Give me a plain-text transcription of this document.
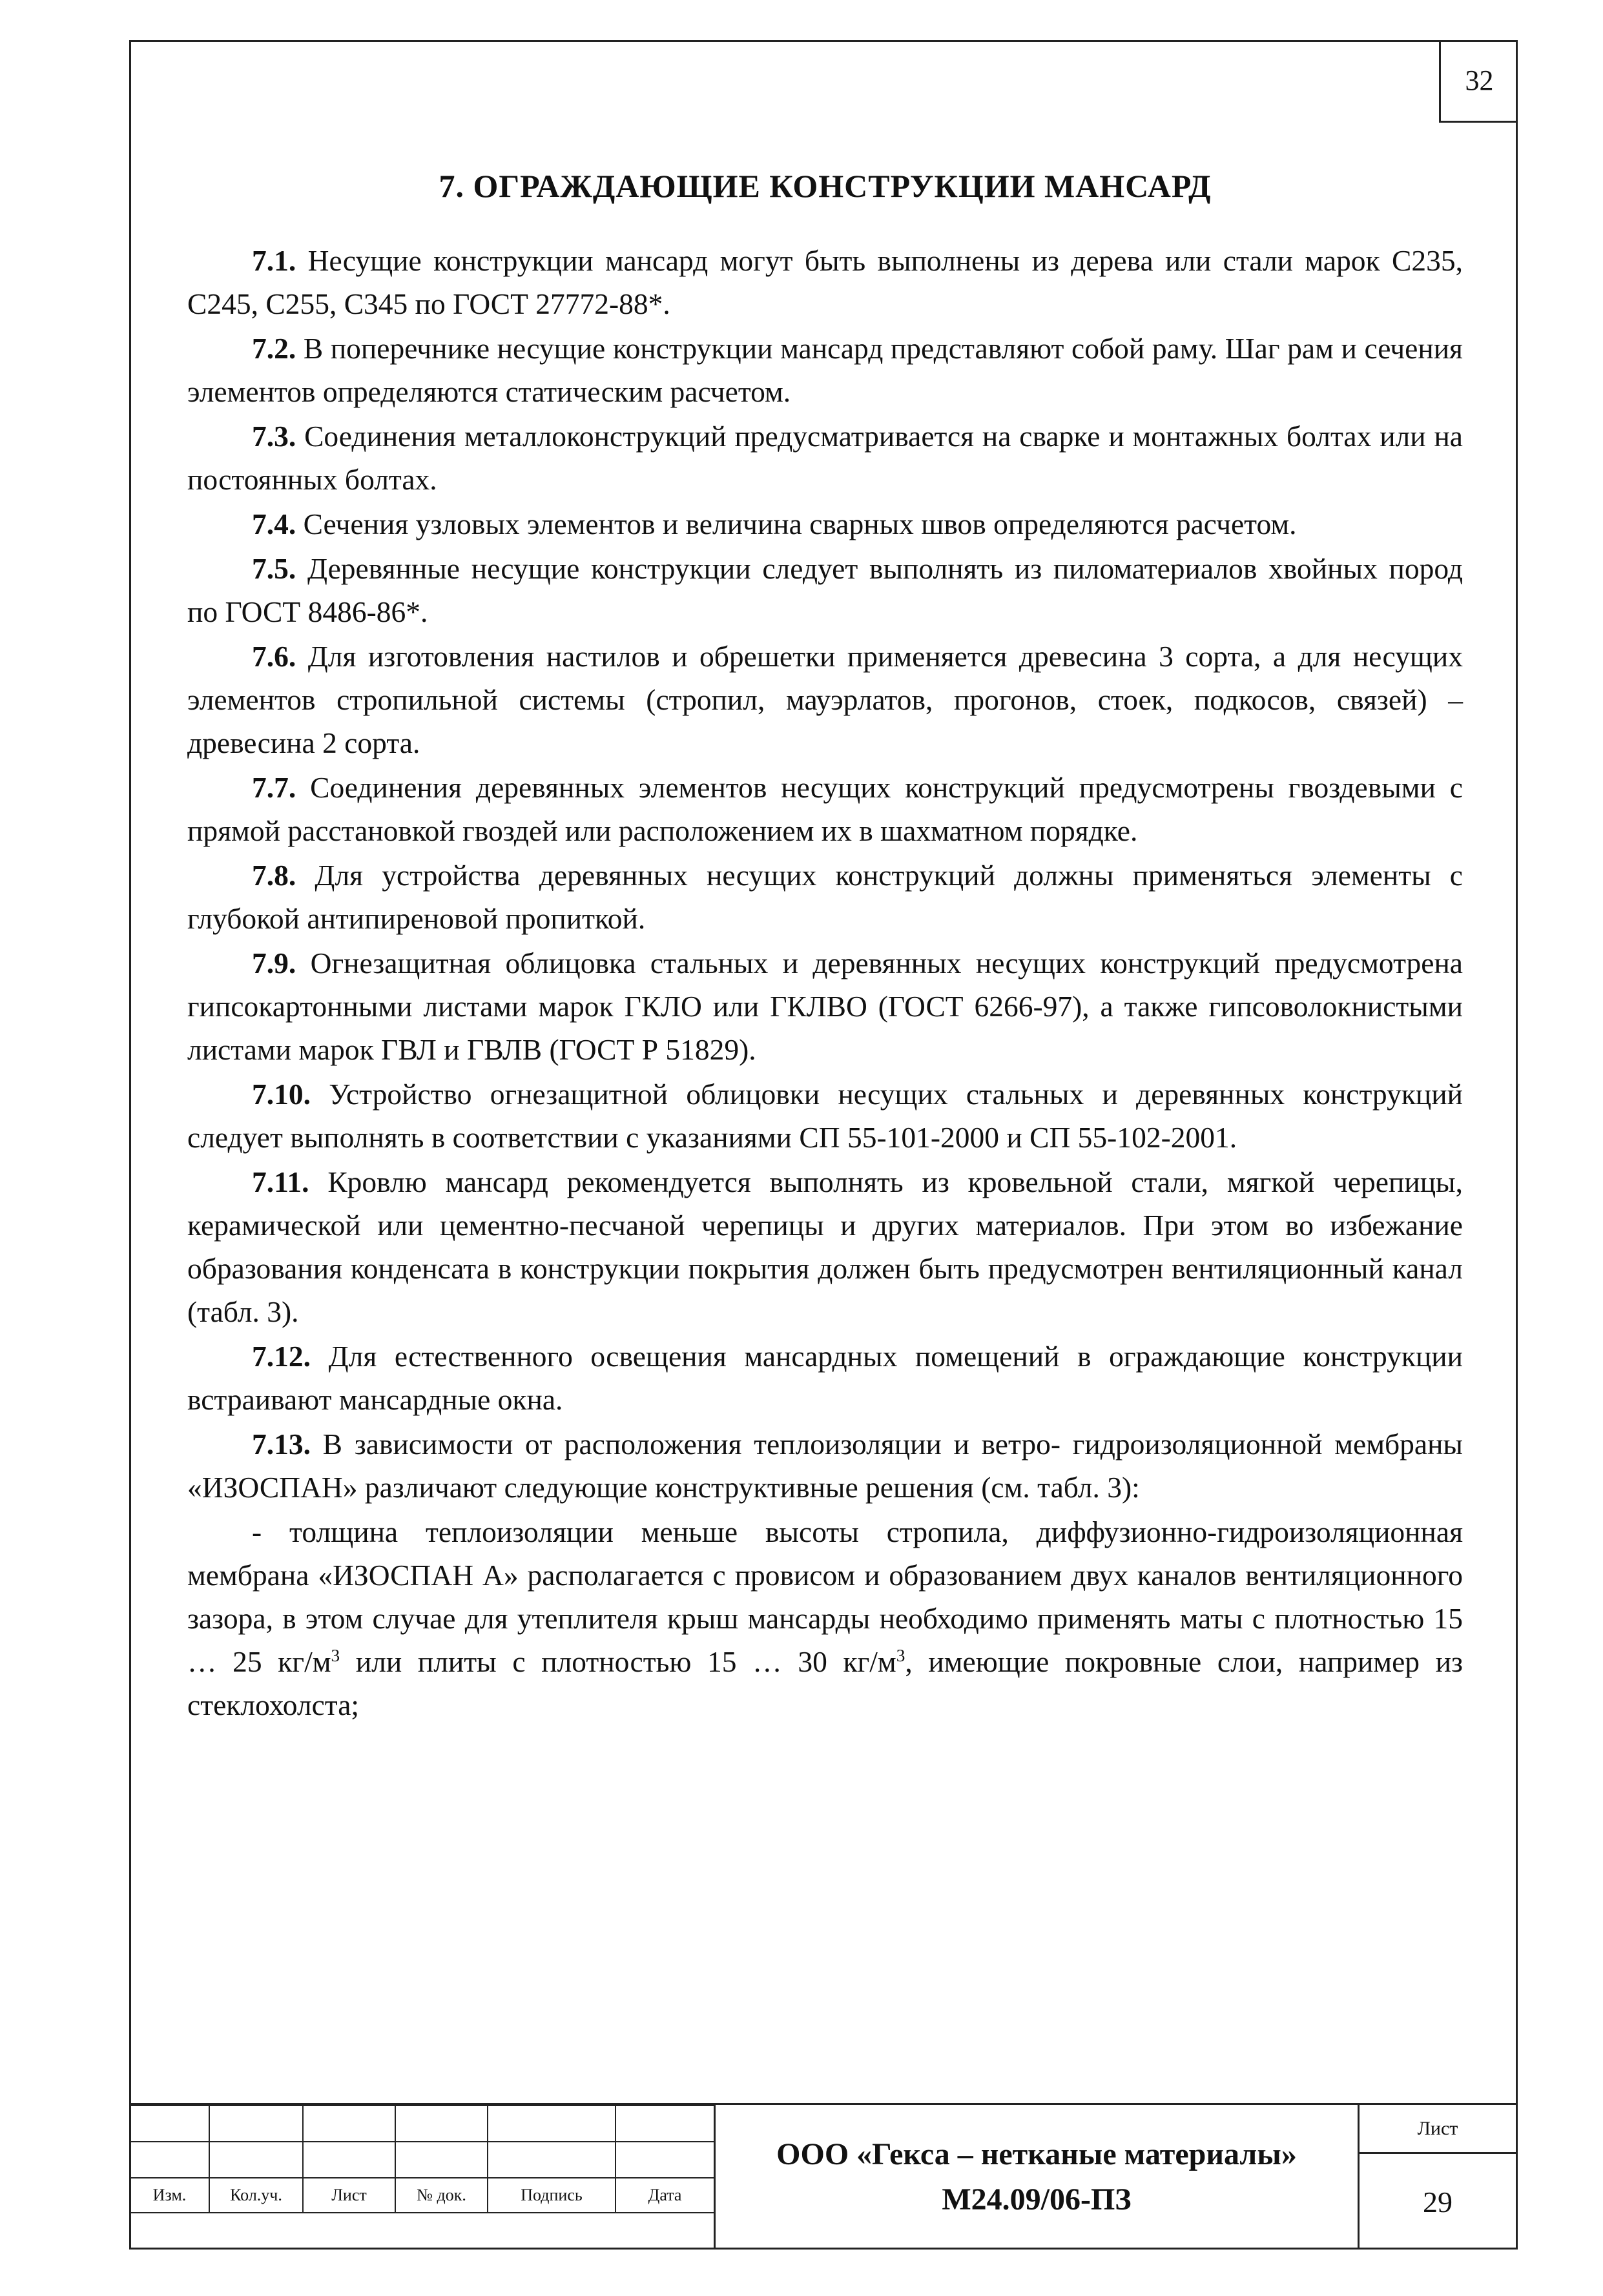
32
7. ОГРАЖДАЮЩИЕ КОНСТРУКЦИИ МАНСАРД

7.1. Несущие конструкции мансард могут быть выполнены из дерева или стали марок С235, С245, С255, С345 по ГОСТ 27772-88*.

7.2. В поперечнике несущие конструкции мансард представляют собой раму. Шаг рам и сечения элементов определяются статическим расчетом.

7.3. Соединения металлоконструкций предусматривается на сварке и монтажных болтах или на постоянных болтах.

7.4. Сечения узловых элементов и величина сварных швов определяются расчетом.

7.5. Деревянные несущие конструкции следует выполнять из пиломатериалов хвойных пород по ГОСТ 8486-86*.

7.6. Для изготовления настилов и обрешетки применяется древесина 3 сорта, а для несущих элементов стропильной системы (стропил, мауэрлатов, прогонов, стоек, подкосов, связей) – древесина 2 сорта.

7.7. Соединения деревянных элементов несущих конструкций предусмотрены гвоздевыми с прямой расстановкой гвоздей или расположением их в шахматном порядке.

7.8. Для устройства деревянных несущих конструкций должны применяться элементы с глубокой антипиреновой пропиткой.

7.9. Огнезащитная облицовка стальных и деревянных несущих конструкций предусмотрена гипсокартонными листами марок ГКЛО или ГКЛВО (ГОСТ 6266-97), а также гипсоволокнистыми листами марок ГВЛ и ГВЛВ (ГОСТ Р 51829).

7.10. Устройство огнезащитной облицовки несущих стальных и деревянных конструкций следует выполнять в соответствии с указаниями СП 55-101-2000 и СП 55-102-2001.

7.11. Кровлю мансард рекомендуется выполнять из кровельной стали, мягкой черепицы, керамической или цементно-песчаной черепицы и других материалов. При этом во избежание образования конденсата в конструкции покрытия должен быть предусмотрен вентиляционный канал (табл. 3).

7.12. Для естественного освещения мансардных помещений в ограждающие конструкции встраивают мансардные окна.

7.13. В зависимости от расположения теплоизоляции и ветро- гидроизоляционной мембраны «ИЗОСПАН» различают следующие конструктивные решения (см. табл. 3):

- толщина теплоизоляции меньше высоты стропила, диффузионно-гидроизоляционная мембрана «ИЗОСПАН А» располагается с провисом и образованием двух каналов вентиляционного зазора, в этом случае для утеплителя крыш мансарды необходимо применять маты с плотностью 15 … 25 $кг/м^3$ или плиты с плотностью 15 … 30 $кг/м^3$, имеющие покровные слои, например из стеклохолста;

Изм.	Кол.уч.	Лист	№ док.	Подпись	Дата
ООО «Гекса – нетканые материалы»
М24.09/06-ПЗ
Лист
29
